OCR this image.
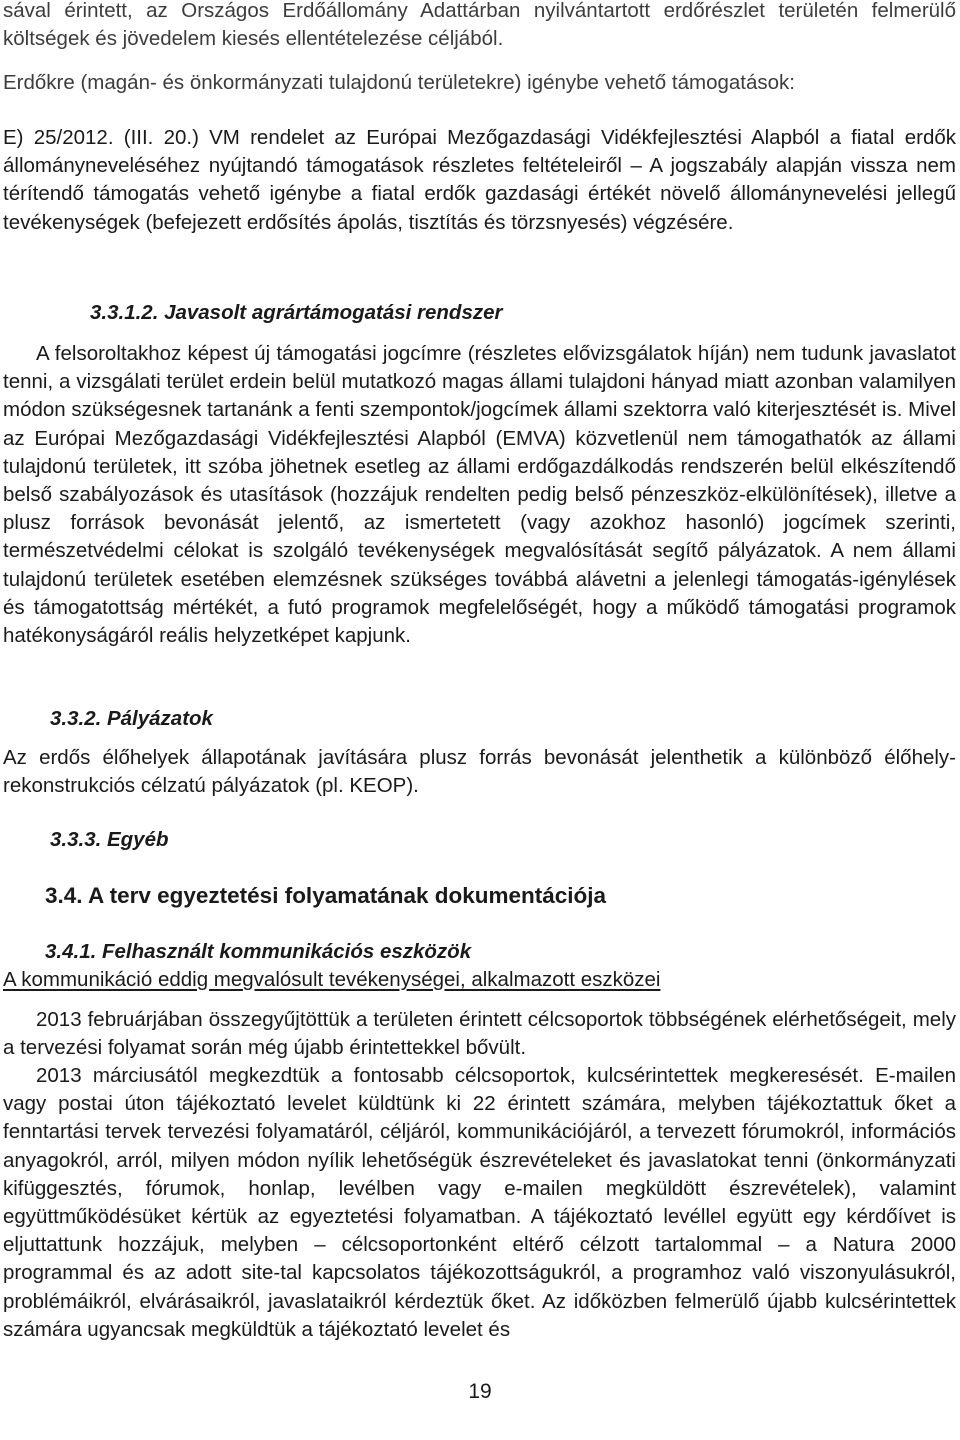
sával érintett, az Országos Erdőállomány Adattárban nyilvántartott erdőrészlet területén felmerülő költségek és jövedelem kiesés ellentételezése céljából.

Erdőkre (magán- és önkormányzati tulajdonú területekre) igénybe vehető támogatások:

E) 25/2012. (III. 20.) VM rendelet az Európai Mezőgazdasági Vidékfejlesztési Alapból a fiatal erdők állományneveléséhez nyújtandó támogatások részletes feltételeiről – A jogszabály alapján vissza nem térítendő támogatás vehető igénybe a fiatal erdők gazdasági értékét növelő állománynevelési jellegű tevékenységek (befejezett erdősítés ápolás, tisztítás és törzsnyesés) végzésére.

3.3.1.2. Javasolt agrártámogatási rendszer

A felsoroltakhoz képest új támogatási jogcímre (részletes elővizsgálatok híján) nem tudunk javaslatot tenni, a vizsgálati terület erdein belül mutatkozó magas állami tulajdoni hányad miatt azonban valamilyen módon szükségesnek tartanánk a fenti szempontok/jogcímek állami szektorra való kiterjesztését is. Mivel az Európai Mezőgazdasági Vidékfejlesztési Alapból (EMVA) közvetlenül nem támogathatók az állami tulajdonú területek, itt szóba jöhetnek esetleg az állami erdőgazdálkodás rendszerén belül elkészítendő belső szabályozások és utasítások (hozzájuk rendelten pedig belső pénzeszköz-elkülönítések), illetve a plusz források bevonását jelentő, az ismertetett (vagy azokhoz hasonló) jogcímek szerinti, természetvédelmi célokat is szolgáló tevékenységek megvalósítását segítő pályázatok. A nem állami tulajdonú területek esetében elemzésnek szükséges továbbá alávetni a jelenlegi támogatás-igénylések és támogatottság mértékét, a futó programok megfelelőségét, hogy a működő támogatási programok hatékonyságáról reális helyzetképet kapjunk.

3.3.2. Pályázatok

Az erdős élőhelyek állapotának javítására plusz forrás bevonását jelenthetik a különböző élőhely-rekonstrukciós célzatú pályázatok (pl. KEOP).

3.3.3. Egyéb
3.4. A terv egyeztetési folyamatának dokumentációja
3.4.1. Felhasznált kommunikációs eszközök

A kommunikáció eddig megvalósult tevékenységei, alkalmazott eszközei

2013 februárjában összegyűjtöttük a területen érintett célcsoportok többségének elérhetőségeit, mely a tervezési folyamat során még újabb érintettekkel bővült.

2013 márciusától megkezdtük a fontosabb célcsoportok, kulcsérintettek megkeresését. E-mailen vagy postai úton tájékoztató levelet küldtünk ki 22 érintett számára, melyben tájékoztattuk őket a fenntartási tervek tervezési folyamatáról, céljáról, kommunikációjáról, a tervezett fórumokról, információs anyagokról, arról, milyen módon nyílik lehetőségük észrevételeket és javaslatokat tenni (önkormányzati kifüggesztés, fórumok, honlap, levélben vagy e-mailen megküldött észrevételek), valamint együttműködésüket kértük az egyeztetési folyamatban. A tájékoztató levéllel együtt egy kérdőívet is eljuttattunk hozzájuk, melyben – célcsoportonként eltérő célzott tartalommal – a Natura 2000 programmal és az adott site-tal kapcsolatos tájékozottságukról, a programhoz való viszonyulásukról, problémáikról, elvárásaikról, javaslataikról kérdeztük őket. Az időközben felmerülő újabb kulcsérintettek számára ugyancsak megküldtük a tájékoztató levelet és

19
